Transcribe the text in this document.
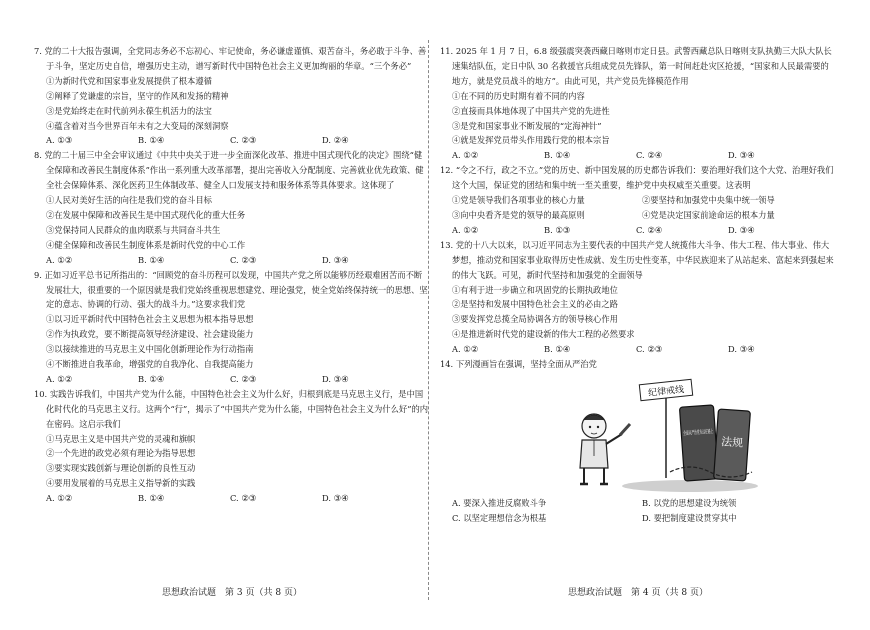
7. 党的二十大报告强调，全党同志务必不忘初心、牢记使命，务必谦虚谨慎、艰苦奋斗，务必敢于斗争、善于斗争，坚定历史自信，增强历史主动，谱写新时代中国特色社会主义更加绚丽的华章。“三个务必”

①为新时代党和国家事业发展提供了根本遵循

②阐释了党谦虚的宗旨，坚守的作风和发扬的精神

③是党始终走在时代前列永葆生机活力的法宝

④蕴含着对当今世界百年未有之大变局的深刻洞察

A. ①③	B. ①④	C. ②③	D. ②④

8. 党的二十届三中全会审议通过《中共中央关于进一步全面深化改革、推进中国式现代化的决定》围绕“健全保障和改善民生制度体系”作出一系列重大改革部署，提出完善收入分配制度、完善就业优先政策、健全社会保障体系、深化医药卫生体制改革、健全人口发展支持和服务体系等具体要求。这体现了

①人民对美好生活的向往是我们党的奋斗目标

②在发展中保障和改善民生是中国式现代化的重大任务

③党保持同人民群众的血肉联系与共同奋斗共生

④健全保障和改善民生制度体系是新时代党的中心工作

A. ①②	B. ①④	C. ②③	D. ③④

9. 正如习近平总书记所指出的：“回顾党的奋斗历程可以发现，中国共产党之所以能够历经艰难困苦而不断发展壮大，很重要的一个原因就是我们党始终重视思想建党、理论强党，使全党始终保持统一的思想、坚定的意志、协调的行动、强大的战斗力。”这要求我们党

①以习近平新时代中国特色社会主义思想为根本指导思想

②作为执政党，要不断提高领导经济建设、社会建设能力

③以接续推进的马克思主义中国化创新理论作为行动指南

④不断推进自我革命，增强党的自我净化、自我提高能力

A. ①②	B. ①④	C. ②③	D. ③④

10. 实践告诉我们，中国共产党为什么能，中国特色社会主义为什么好，归根到底是马克思主义行，是中国化时代化的马克思主义行。这两个“行”，揭示了“中国共产党为什么能，中国特色社会主义为什么好”的内在密码。这启示我们

①马克思主义是中国共产党的灵魂和旗帜

②一个先进的政党必须有理论为指导思想

③要实现实践创新与理论创新的良性互动

④要用发展着的马克思主义指导新的实践

A. ①②	B. ①④	C. ②③	D. ③④

11. 2025 年 1 月 7 日，6.8 级强震突袭西藏日喀则市定日县。武警西藏总队日喀则支队执勤三大队大队长速集结队伍，定日中队 30 名救援官兵组成党员先锋队，第一时间赶赴灾区抢援，“国家和人民最需要的地方，就是党员战斗的地方”。由此可见，共产党员先锋模范作用

①在不同的历史时期有着不同的内容

②直接而具体地体现了中国共产党的先进性

③是党和国家事业不断发展的“定海神针”

④就是发挥党员带头作用践行党的根本宗旨

A. ①②	B. ①④	C. ②④	D. ③④

12. “令之不行，政之不立。”党的历史、新中国发展的历史都告诉我们：要治理好我们这个大党、治理好我们这个大国，保证党的团结和集中统一至关重要，维护党中央权威至关重要。这表明

①党是领导我们各项事业的核心力量	②要坚持和加强党中央集中统一领导
③向中央看齐是党的领导的最高原则	④党是决定国家前途命运的根本力量
A. ①②	B. ①③	C. ②④	D. ③④

13. 党的十八大以来，以习近平同志为主要代表的中国共产党人统揽伟大斗争、伟大工程、伟大事业、伟大梦想，推动党和国家事业取得历史性成就、发生历史性变革，中华民族迎来了从站起来、富起来到强起来的伟大飞跃。可见，新时代坚持和加强党的全面领导

①有利于进一步确立和巩固党的长期执政地位

②是坚持和发展中国特色社会主义的必由之路

③要发挥党总揽全局协调各方的领导核心作用

④是推进新时代党的建设新的伟大工程的必然要求

A. ①②	B. ①④	C. ②③	D. ③④

14. 下列漫画旨在强调，坚持全面从严治党

纪律戒线
法规
A. 要深入推进反腐败斗争	B. 以党的思想建设为统领
C. 以坚定理想信念为根基	D. 要把制度建设贯穿其中
思想政治试题　第 3 页（共 8 页）	思想政治试题　第 4 页（共 8 页）
